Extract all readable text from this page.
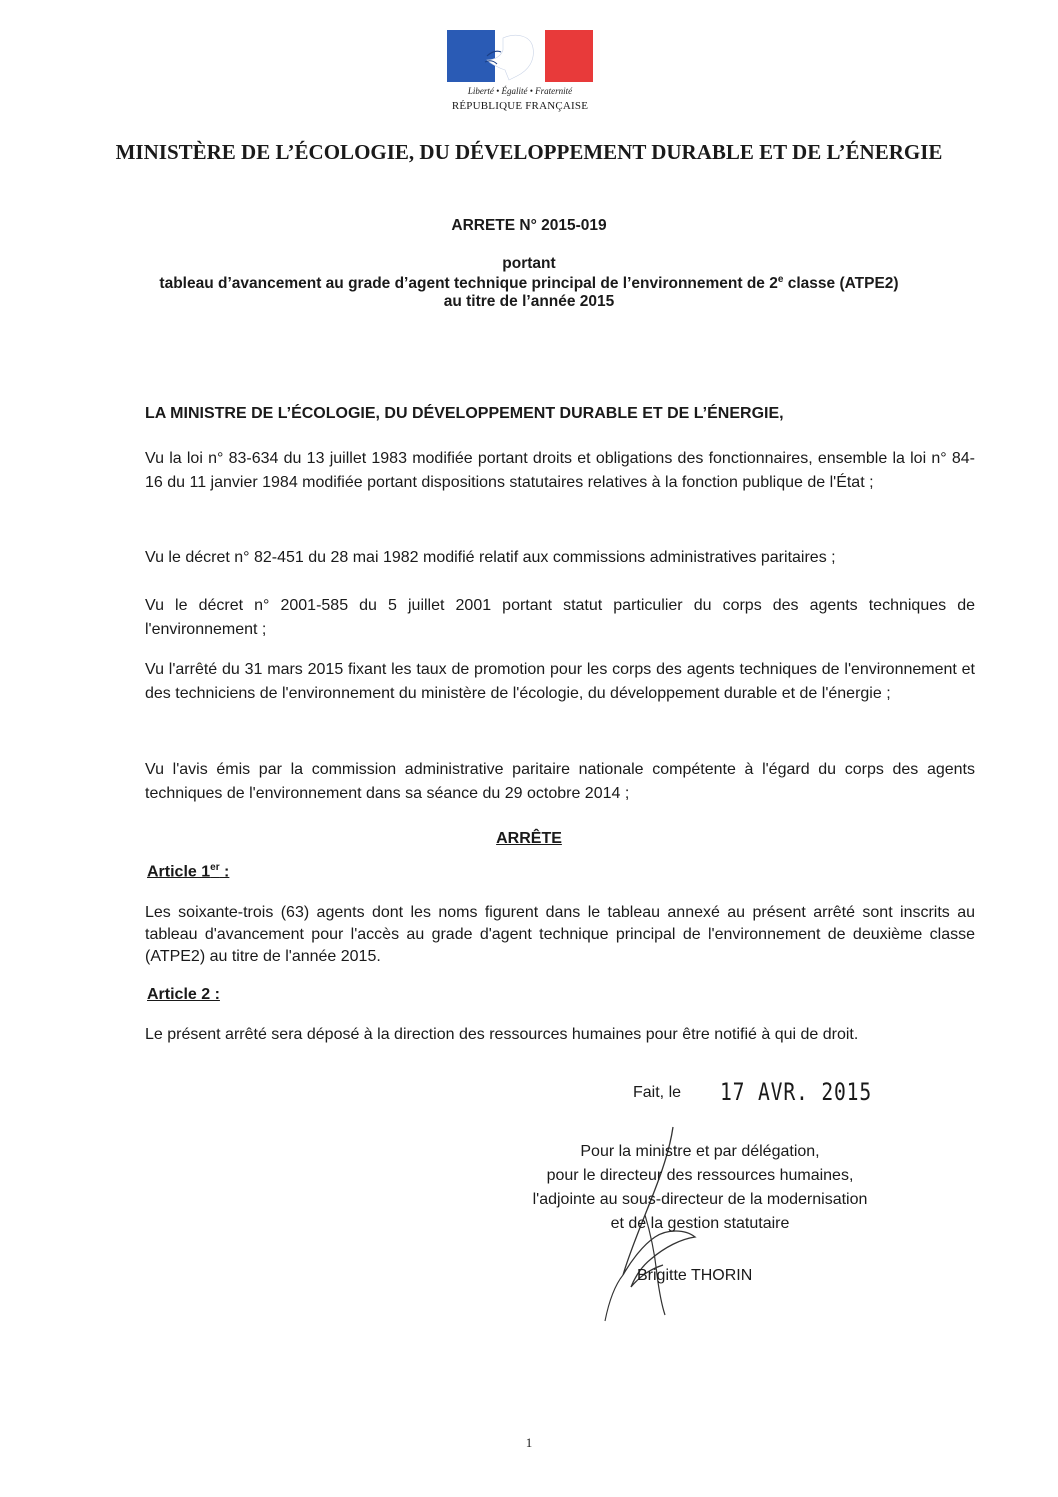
Liberté • Égalité • Fraternité
RÉPUBLIQUE FRANÇAISE
MINISTÈRE DE L’ÉCOLOGIE, DU DÉVELOPPEMENT DURABLE ET DE L’ÉNERGIE
ARRETE N° 2015-019
portant
tableau d’avancement au grade d’agent technique principal de l’environnement de 2e classe (ATPE2)
au titre de l’année 2015
LA MINISTRE DE L’ÉCOLOGIE, DU DÉVELOPPEMENT DURABLE ET DE L’ÉNERGIE,
Vu la loi n° 83-634 du 13 juillet 1983 modifiée portant droits et obligations des fonctionnaires, ensemble la loi n° 84-16 du 11 janvier 1984 modifiée portant dispositions statutaires relatives à la fonction publique de l'État ;
Vu le décret n° 82-451 du 28 mai 1982 modifié relatif aux commissions administratives paritaires ;
Vu le décret n° 2001-585 du 5 juillet 2001 portant statut particulier du corps des agents techniques de l'environnement ;
Vu l'arrêté du 31 mars 2015 fixant les taux de promotion pour les corps des agents techniques de l'environnement et des techniciens de l'environnement du ministère de l'écologie, du développement durable et de l'énergie ;
Vu l'avis émis par la commission administrative paritaire nationale compétente à l'égard du corps des agents techniques de l'environnement dans sa séance du 29 octobre 2014 ;
ARRÊTE
Article 1er :
Les soixante-trois (63) agents dont les noms figurent dans le tableau annexé au présent arrêté sont inscrits au tableau d'avancement pour l'accès au grade d'agent technique principal de l'environnement de deuxième classe (ATPE2) au titre de l'année 2015.
Article 2 :
Le présent arrêté sera déposé à la direction des ressources humaines pour être notifié à qui de droit.
Fait, le 17 AVR. 2015
Pour la ministre et par délégation,
pour le directeur des ressources humaines,
l'adjointe au sous-directeur de la modernisation
et de la gestion statutaire
Brigitte THORIN
1
